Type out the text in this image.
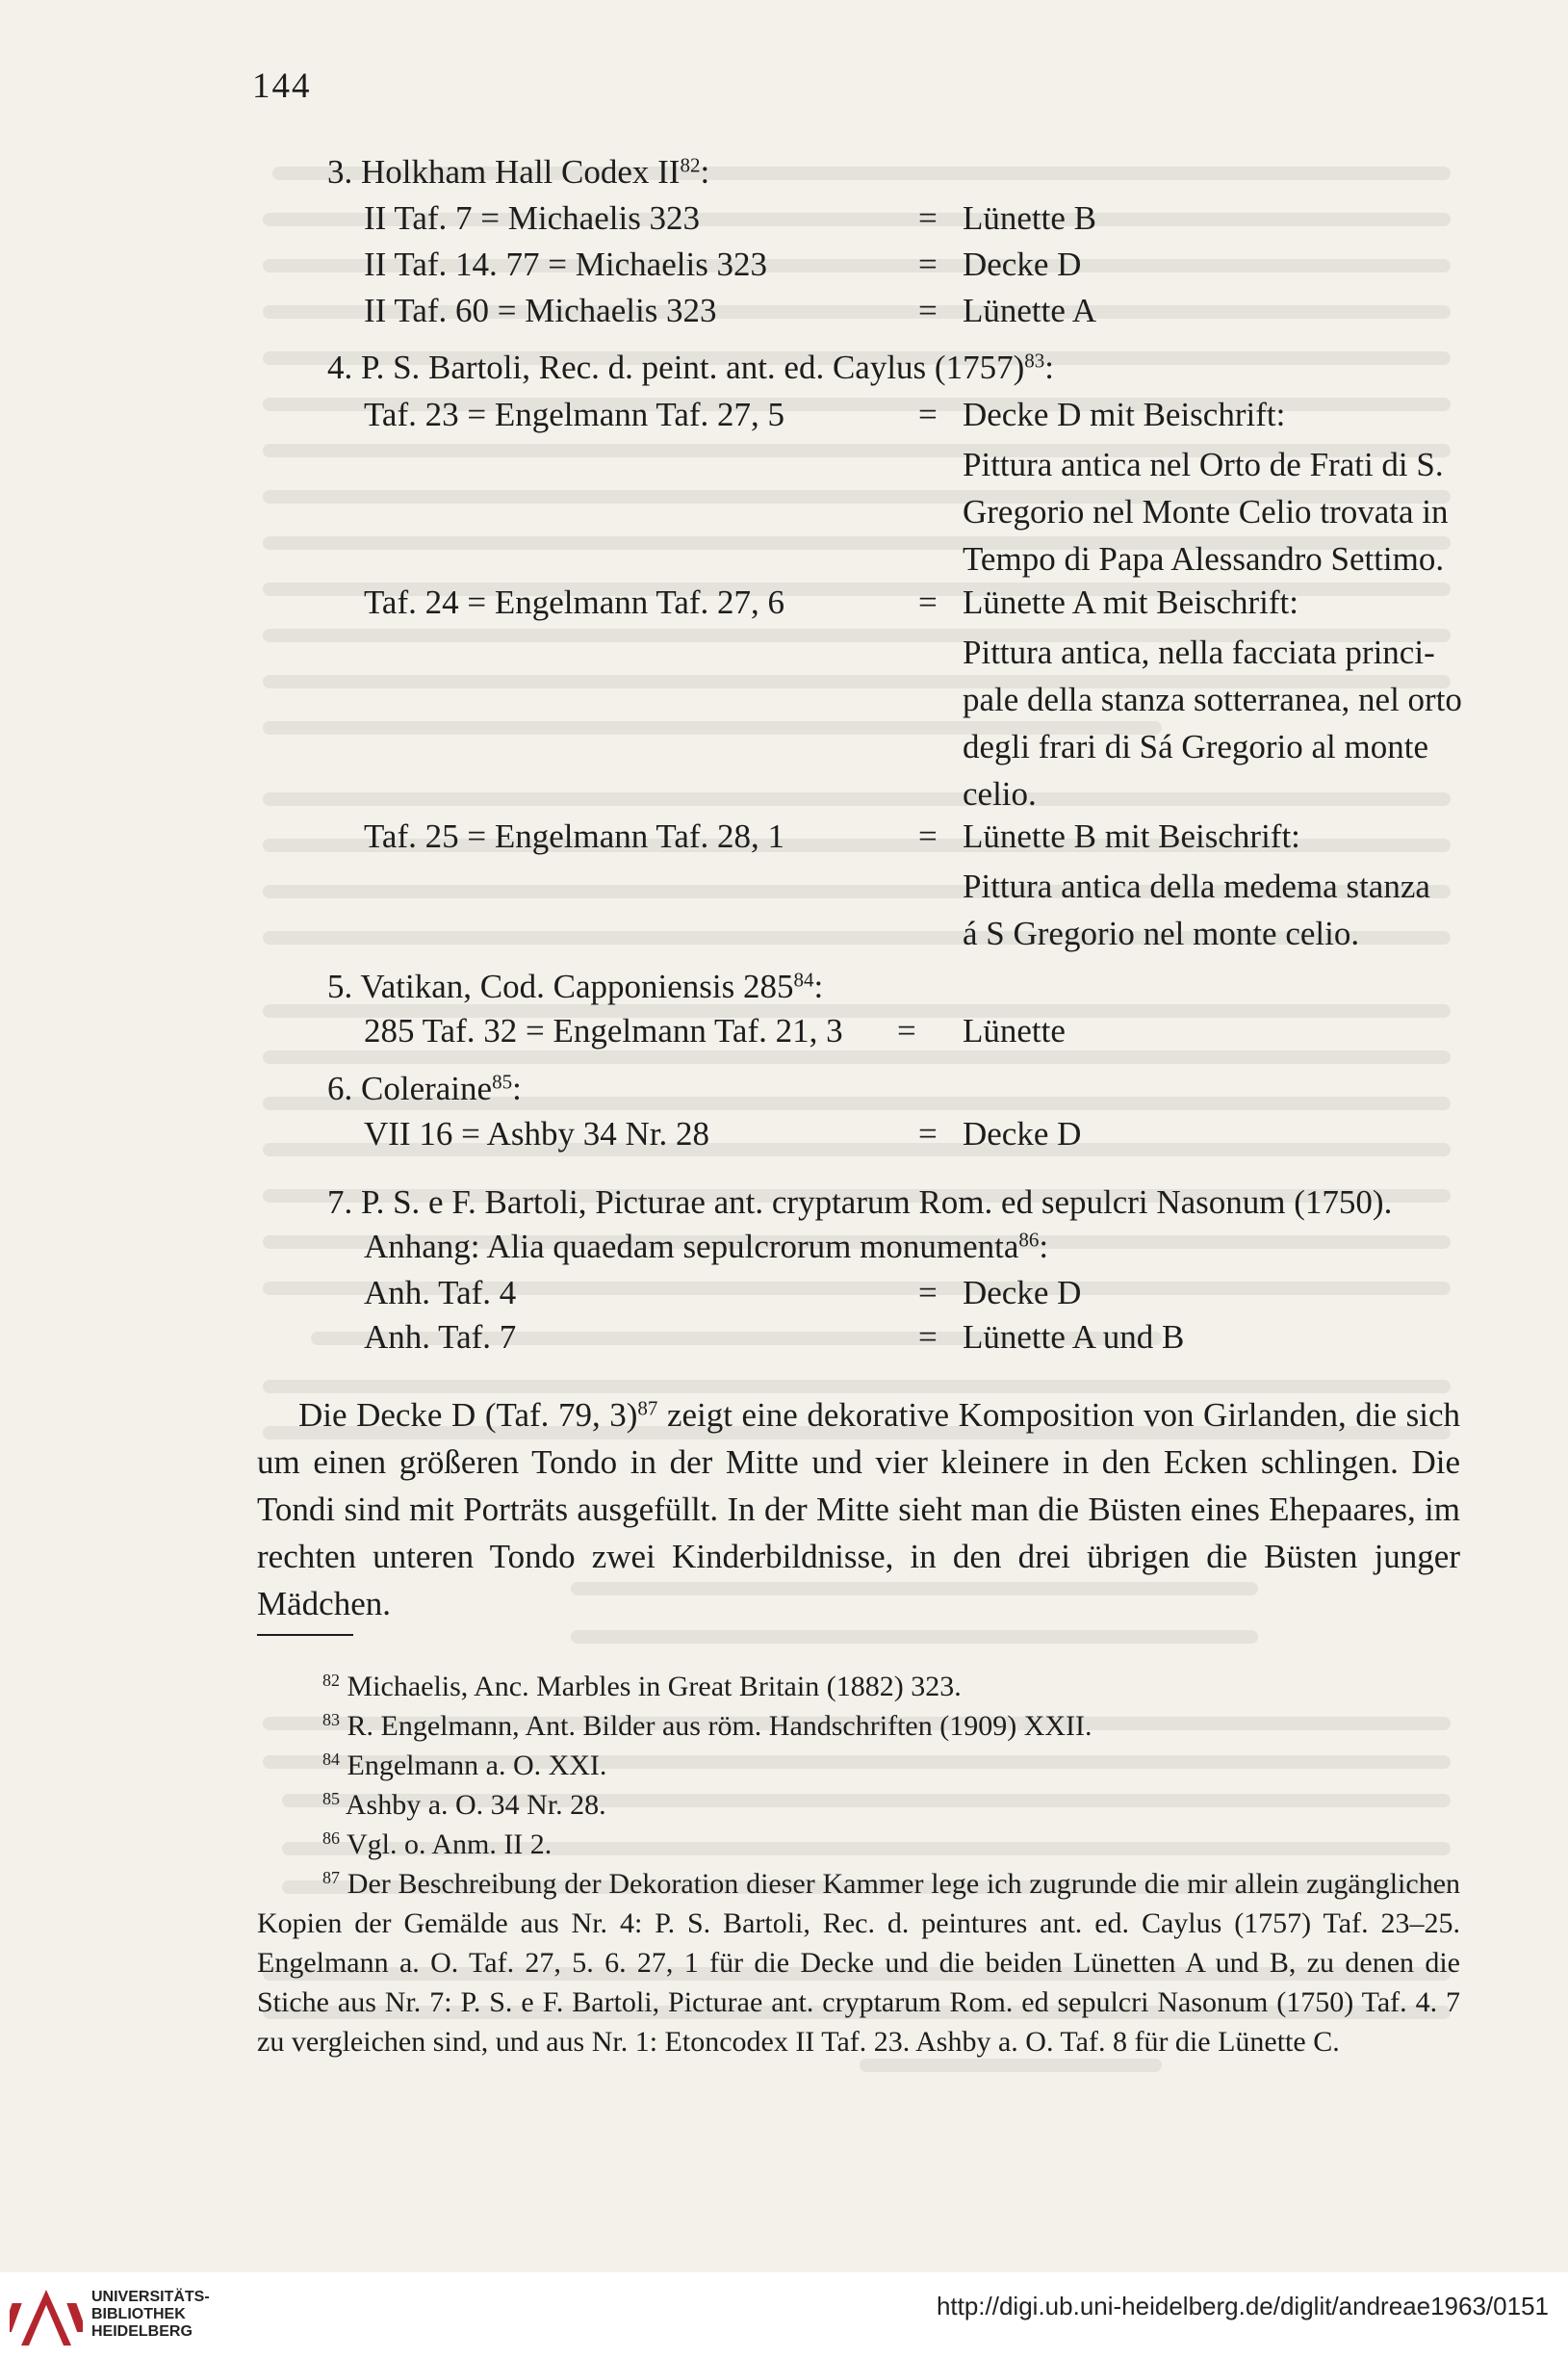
144
3. Holkham Hall Codex II$^{82}$:
II Taf. 7 = Michaelis 323	= Lünette B
II Taf. 14. 77 = Michaelis 323	= Decke D
II Taf. 60 = Michaelis 323	= Lünette A
4. P. S. Bartoli, Rec. d. peint. ant. ed. Caylus $(1757)^{83}$:
Taf. 23 = Engelmann Taf. 27, 5	= Decke D mit Beischrift:
Pittura antica nel Orto de Frati di S.
Gregorio nel Monte Celio trovata in
Tempo di Papa Alessandro Settimo.
Taf. 24 = Engelmann Taf. 27, 6	= Lünette A mit Beischrift:
Pittura antica, nella facciata princi-
pale della stanza sotterranea, nel orto
degli frari di Sá Gregorio al monte
celio.
Taf. 25 = Engelmann Taf. 28, 1	= Lünette B mit Beischrift:
Pittura antica della medema stanza
á S Gregorio nel monte celio.
5. Vatikan, Cod. Capponiensis $285^{84}$:
285 Taf. 32 = Engelmann Taf. 21, 3 = Lünette
6. Coleraine$^{85}$:
VII 16 = Ashby 34 Nr. 28	= Decke D
7. P. S. e F. Bartoli, Picturae ant. cryptarum Rom. ed sepulcri Nasonum (1750).
Anhang: Alia quaedam sepulcrorum monumenta$^{86}$:
Anh. Taf. 4	= Decke D
Anh. Taf. 7	= Lünette A und B
Die Decke D (Taf. 79, 3)$^{87}$ zeigt eine dekorative Komposition von Girlanden, die sich um einen größeren Tondo in der Mitte und vier kleinere in den Ecken schlingen. Die Tondi sind mit Porträts ausgefüllt. In der Mitte sieht man die Büsten eines Ehepaares, im rechten unteren Tondo zwei Kinderbildnisse, in den drei übrigen die Büsten junger Mädchen.
$^{82}$ Michaelis, Anc. Marbles in Great Britain (1882) 323.
$^{83}$ R. Engelmann, Ant. Bilder aus röm. Handschriften (1909) XXII.
$^{84}$ Engelmann a. O. XXI.
$^{85}$ Ashby a. O. 34 Nr. 28.
$^{86}$ Vgl. o. Anm. II 2.
$^{87}$ Der Beschreibung der Dekoration dieser Kammer lege ich zugrunde die mir allein zugänglichen Kopien der Gemälde aus Nr. 4: P. S. Bartoli, Rec. d. peintures ant. ed. Caylus (1757) Taf. 23–25. Engelmann a. O. Taf. 27, 5. 6. 27, 1 für die Decke und die beiden Lünetten A und B, zu denen die Stiche aus Nr. 7: P. S. e F. Bartoli, Picturae ant. cryptarum Rom. ed sepulcri Nasonum (1750) Taf. 4. 7 zu vergleichen sind, und aus Nr. 1: Etoncodex II Taf. 23. Ashby a. O. Taf. 8 für die Lünette C.
UNIVERSITÄTS-
BIBLIOTHEK
HEIDELBERG
http://digi.ub.uni-heidelberg.de/diglit/andreae1963/0151
